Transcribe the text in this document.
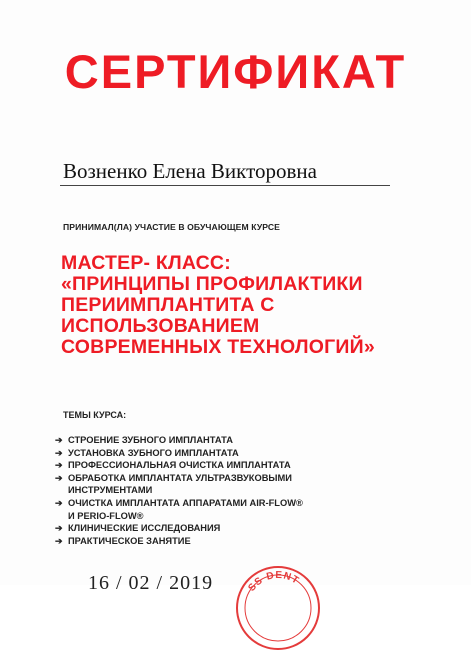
СЕРТИФИКАТ
Возненко Елена Викторовна
ПРИНИМАЛ(ЛА) УЧАСТИЕ В ОБУЧАЮЩЕМ КУРСЕ
МАСТЕР- КЛАСС:
«ПРИНЦИПЫ ПРОФИЛАКТИКИ
ПЕРИИМПЛАНТИТА С
ИСПОЛЬЗОВАНИЕМ
СОВРЕМЕННЫХ ТЕХНОЛОГИЙ»
ТЕМЫ КУРСА:
➔ СТРОЕНИЕ ЗУБНОГО ИМПЛАНТАТА
➔ УСТАНОВКА ЗУБНОГО ИМПЛАНТАТА
➔ ПРОФЕССИОНАЛЬНАЯ ОЧИСТКА ИМПЛАНТАТА
➔ ОБРАБОТКА ИМПЛАНТАТА УЛЬТРАЗВУКОВЫМИ
ИНСТРУМЕНТАМИ
➔ ОЧИСТКА ИМПЛАНТАТА АППАРАТАМИ AIR-FLOW®
И PERIO-FLOW®
➔ КЛИНИЧЕСКИЕ ИССЛЕДОВАНИЯ
➔ ПРАКТИЧЕСКОЕ ЗАНЯТИЕ
16 / 02 / 2019	SS DENT
